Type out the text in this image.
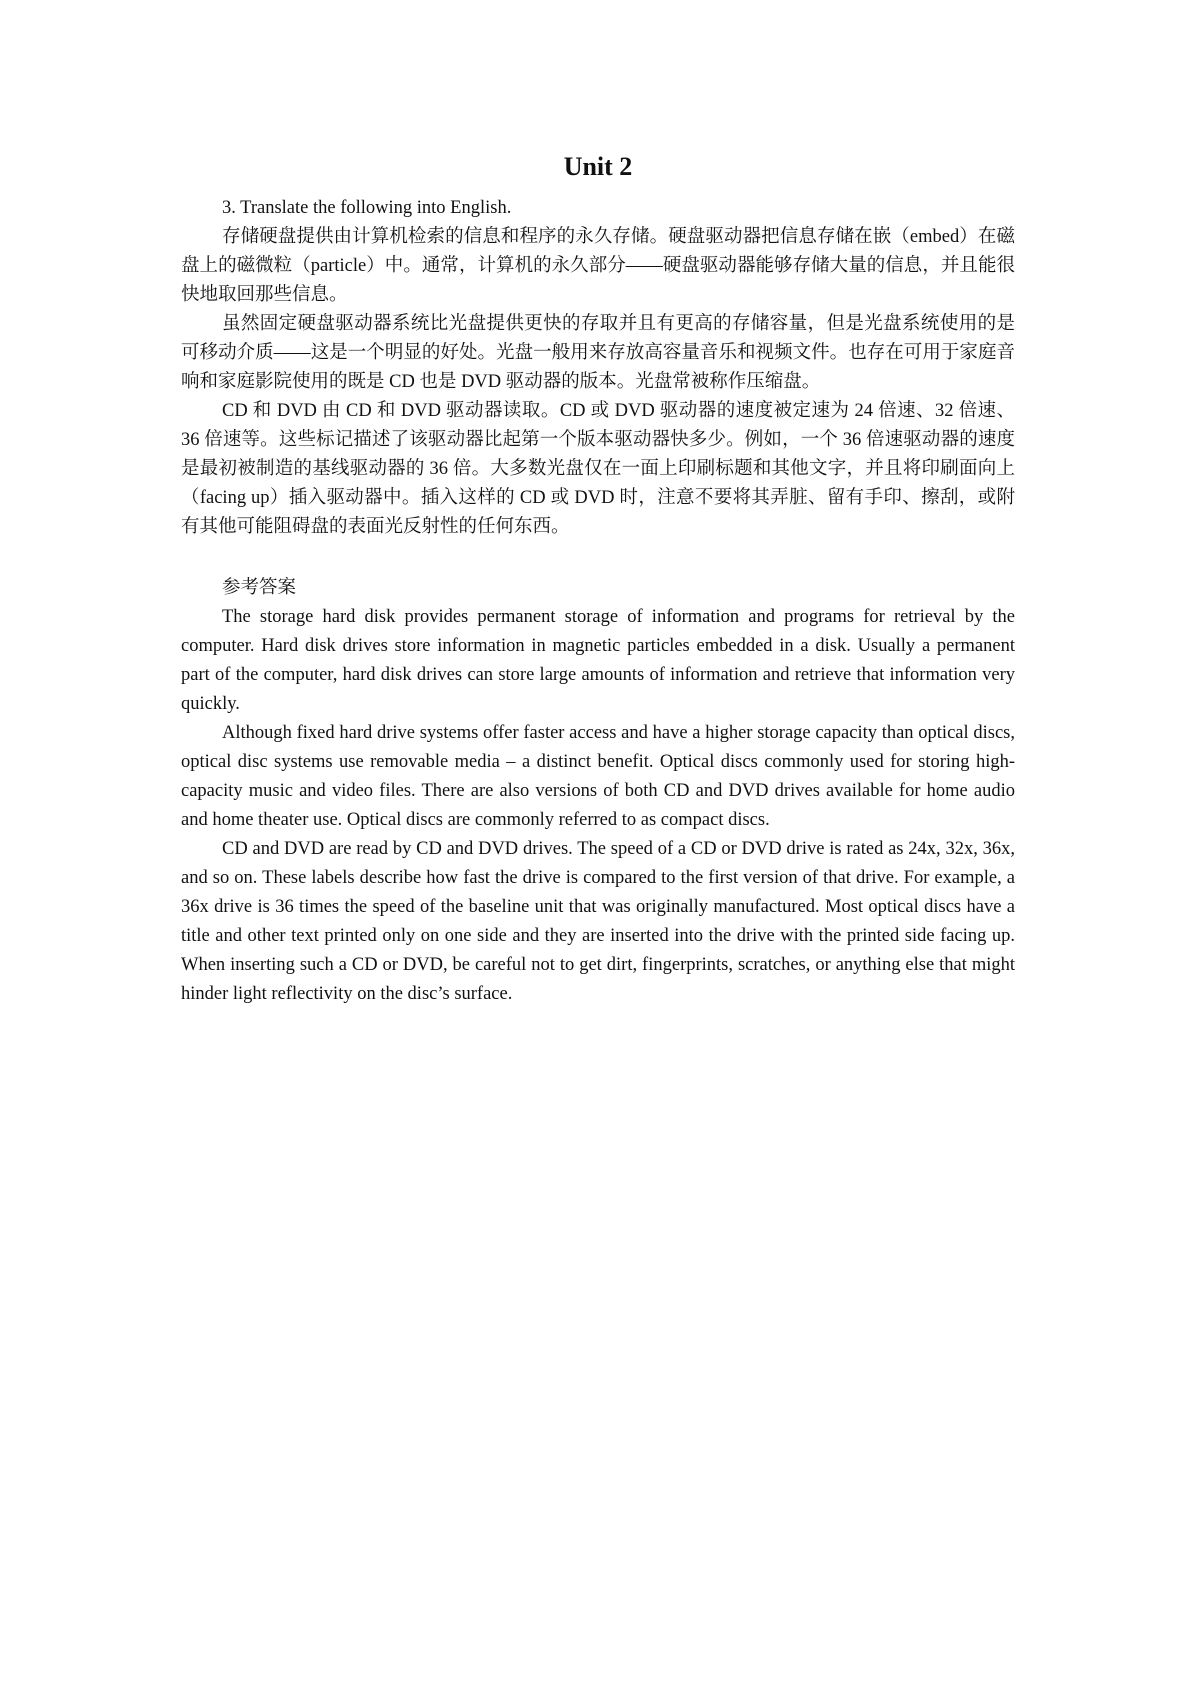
Unit 2

3. Translate the following into English.

存储硬盘提供由计算机检索的信息和程序的永久存储。硬盘驱动器把信息存储在嵌（embed）在磁盘上的磁微粒（particle）中。通常，计算机的永久部分——硬盘驱动器能够存储大量的信息，并且能很快地取回那些信息。

虽然固定硬盘驱动器系统比光盘提供更快的存取并且有更高的存储容量，但是光盘系统使用的是可移动介质——这是一个明显的好处。光盘一般用来存放高容量音乐和视频文件。也存在可用于家庭音响和家庭影院使用的既是 CD 也是 DVD 驱动器的版本。光盘常被称作压缩盘。

CD 和 DVD 由 CD 和 DVD 驱动器读取。CD 或 DVD 驱动器的速度被定速为 24 倍速、32 倍速、36 倍速等。这些标记描述了该驱动器比起第一个版本驱动器快多少。例如，一个 36 倍速驱动器的速度是最初被制造的基线驱动器的 36 倍。大多数光盘仅在一面上印刷标题和其他文字，并且将印刷面向上（facing up）插入驱动器中。插入这样的 CD 或 DVD 时，注意不要将其弄脏、留有手印、擦刮，或附有其他可能阻碍盘的表面光反射性的任何东西。

参考答案

The storage hard disk provides permanent storage of information and programs for retrieval by the computer. Hard disk drives store information in magnetic particles embedded in a disk. Usually a permanent part of the computer, hard disk drives can store large amounts of information and retrieve that information very quickly.

Although fixed hard drive systems offer faster access and have a higher storage capacity than optical discs, optical disc systems use removable media – a distinct benefit. Optical discs commonly used for storing high-capacity music and video files. There are also versions of both CD and DVD drives available for home audio and home theater use. Optical discs are commonly referred to as compact discs.

CD and DVD are read by CD and DVD drives. The speed of a CD or DVD drive is rated as 24x, 32x, 36x, and so on. These labels describe how fast the drive is compared to the first version of that drive. For example, a 36x drive is 36 times the speed of the baseline unit that was originally manufactured. Most optical discs have a title and other text printed only on one side and they are inserted into the drive with the printed side facing up. When inserting such a CD or DVD, be careful not to get dirt, fingerprints, scratches, or anything else that might hinder light reflectivity on the disc’s surface.
